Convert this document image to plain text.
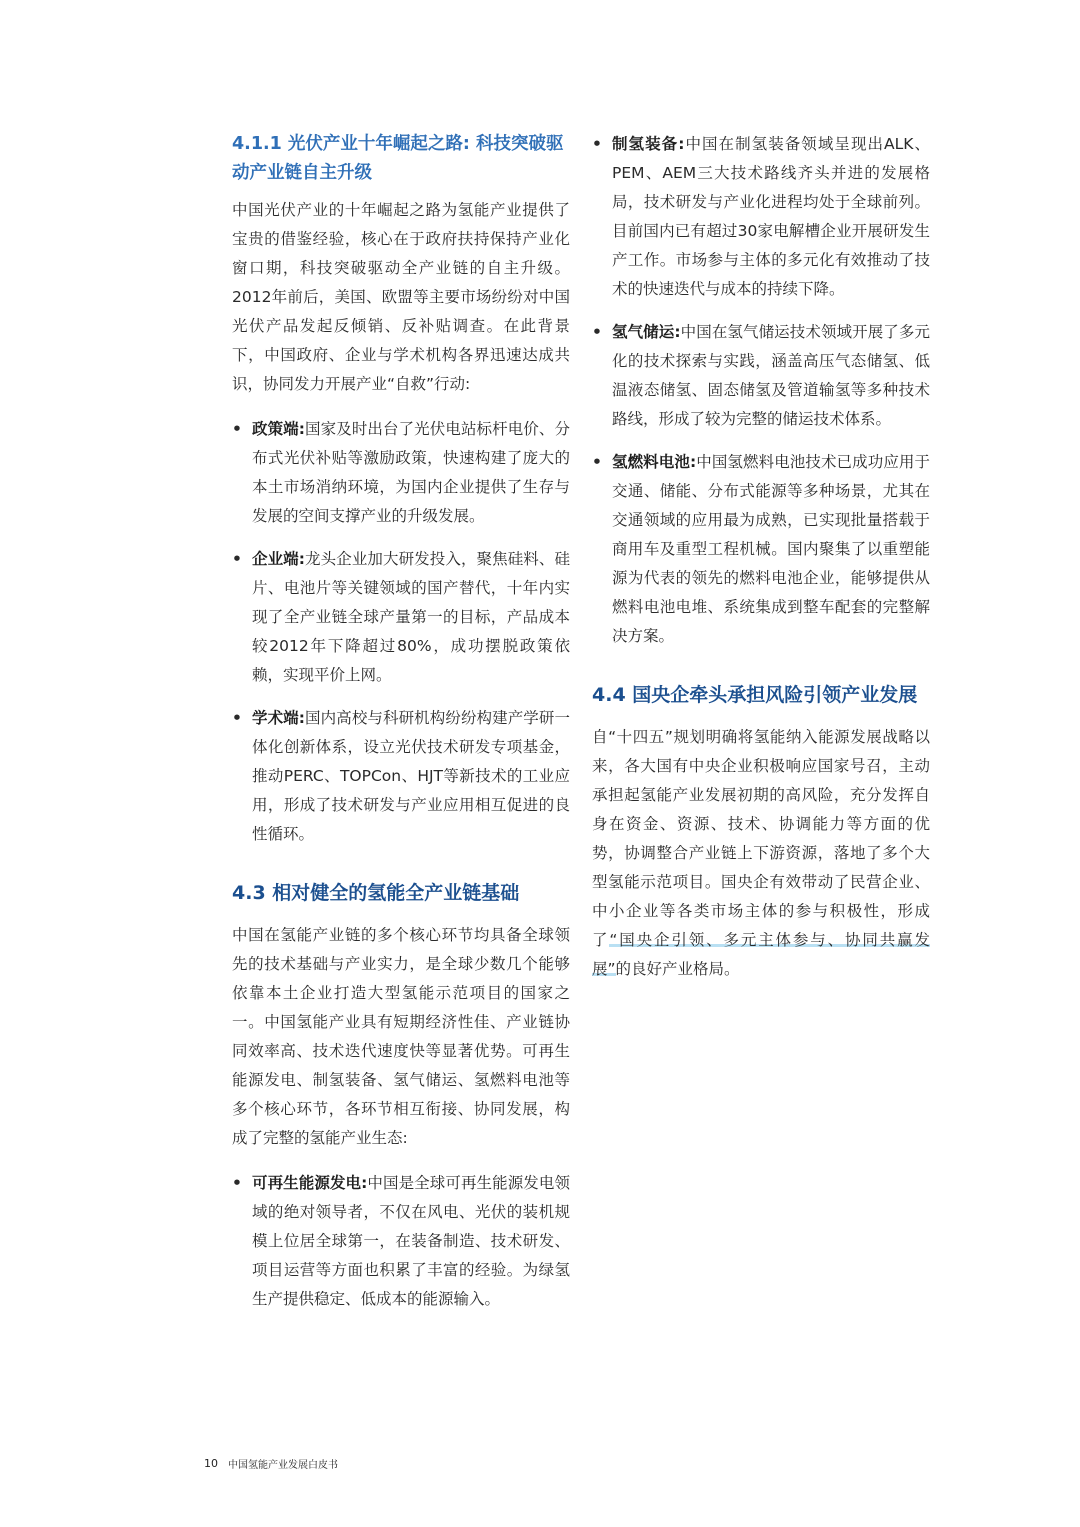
4.1.1 光伏产业十年崛起之路: 科技突破驱动产业链自主升级

中国光伏产业的十年崛起之路为氢能产业提供了宝贵的借鉴经验，核心在于政府扶持保持产业化窗口期，科技突破驱动全产业链的自主升级。2012年前后，美国、欧盟等主要市场纷纷对中国光伏产品发起反倾销、反补贴调查。在此背景下，中国政府、企业与学术机构各界迅速达成共识，协同发力开展产业“自救”行动:

• 政策端:国家及时出台了光伏电站标杆电价、分布式光伏补贴等激励政策，快速构建了庞大的本土市场消纳环境，为国内企业提供了生存与发展的空间支撑产业的升级发展。
• 企业端:龙头企业加大研发投入，聚焦硅料、硅片、电池片等关键领域的国产替代，十年内实现了全产业链全球产量第一的目标，产品成本较2012年下降超过80%，成功摆脱政策依赖，实现平价上网。
• 学术端:国内高校与科研机构纷纷构建产学研一体化创新体系，设立光伏技术研发专项基金，推动PERC、TOPCon、HJT等新技术的工业应用，形成了技术研发与产业应用相互促进的良性循环。
4.3 相对健全的氢能全产业链基础

中国在氢能产业链的多个核心环节均具备全球领先的技术基础与产业实力，是全球少数几个能够依靠本土企业打造大型氢能示范项目的国家之一。中国氢能产业具有短期经济性佳、产业链协同效率高、技术迭代速度快等显著优势。可再生能源发电、制氢装备、氢气储运、氢燃料电池等多个核心环节，各环节相互衔接、协同发展，构成了完整的氢能产业生态:

• 可再生能源发电:中国是全球可再生能源发电领域的绝对领导者，不仅在风电、光伏的装机规模上位居全球第一，在装备制造、技术研发、项目运营等方面也积累了丰富的经验。为绿氢生产提供稳定、低成本的能源输入。
• 制氢装备:中国在制氢装备领域呈现出ALK、PEM、AEM三大技术路线齐头并进的发展格局，技术研发与产业化进程均处于全球前列。目前国内已有超过30家电解槽企业开展研发生产工作。市场参与主体的多元化有效推动了技术的快速迭代与成本的持续下降。
• 氢气储运:中国在氢气储运技术领域开展了多元化的技术探索与实践，涵盖高压气态储氢、低温液态储氢、固态储氢及管道输氢等多种技术路线，形成了较为完整的储运技术体系。
• 氢燃料电池:中国氢燃料电池技术已成功应用于交通、储能、分布式能源等多种场景，尤其在交通领域的应用最为成熟，已实现批量搭载于商用车及重型工程机械。国内聚集了以重塑能源为代表的领先的燃料电池企业，能够提供从燃料电池电堆、系统集成到整车配套的完整解决方案。
4.4 国央企牵头承担风险引领产业发展

自“十四五”规划明确将氢能纳入能源发展战略以来，各大国有中央企业积极响应国家号召，主动承担起氢能产业发展初期的高风险，充分发挥自身在资金、资源、技术、协调能力等方面的优势，协调整合产业链上下游资源，落地了多个大型氢能示范项目。国央企有效带动了民营企业、中小企业等各类市场主体的参与积极性，形成了“国央企引领、多元主体参与、协同共赢发展”的良好产业格局。

10 中国氢能产业发展白皮书
